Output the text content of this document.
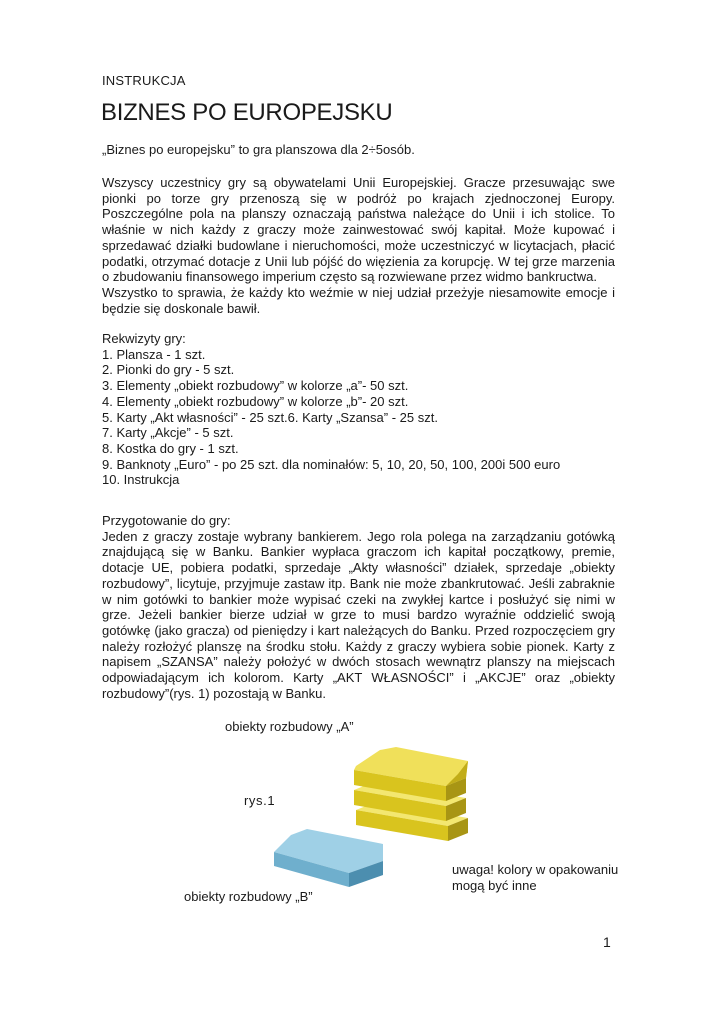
INSTRUKCJA
BIZNES PO EUROPEJSKU
„Biznes po europejsku” to gra planszowa dla 2÷5osób.

Wszyscy uczestnicy gry są obywatelami Unii Europejskiej. Gracze przesuwając swe pionki po torze gry przenoszą się w podróż po krajach zjednoczonej Europy. Poszczególne pola na planszy oznaczają państwa należące do Unii i ich stolice. To właśnie w nich każdy z graczy może zainwestować swój kapitał. Może kupować i sprzedawać działki budowlane i nieruchomości, może uczestniczyć w licytacjach, płacić podatki, otrzymać dotacje z Unii lub pójść do więzienia za korupcję. W tej grze marzenia o zbudowaniu finansowego imperium często są rozwiewane przez widmo bankructwa.

Wszystko to sprawia, że każdy kto weźmie w niej udział przeżyje niesamowite emocje i będzie się doskonale bawił.

Rekwizyty gry:
1. Plansza - 1 szt.
2. Pionki do gry - 5 szt.
3. Elementy „obiekt rozbudowy” w kolorze „a”- 50 szt.
4. Elementy „obiekt rozbudowy” w kolorze „b”- 20 szt.
5. Karty „Akt własności” - 25 szt.6. Karty „Szansa” - 25 szt.
7. Karty „Akcje” - 5 szt.
8. Kostka do gry - 1 szt.
9. Banknoty „Euro” - po 25 szt. dla nominałów: 5, 10, 20, 50, 100, 200i 500 euro
10. Instrukcja

Przygotowanie do gry:

Jeden z graczy zostaje wybrany bankierem. Jego rola polega na zarządzaniu gotówką znajdującą się w Banku. Bankier wypłaca graczom ich kapitał początkowy, premie, dotacje UE, pobiera podatki, sprzedaje „Akty własności” działek, sprzedaje „obiekty rozbudowy”, licytuje, przyjmuje zastaw itp. Bank nie może zbankrutować. Jeśli zabraknie w nim gotówki to bankier może wypisać czeki na zwykłej kartce i posłużyć się nimi w grze. Jeżeli bankier bierze udział w grze to musi bardzo wyraźnie oddzielić swoją gotówkę (jako gracza) od pieniędzy i kart należących do Banku. Przed rozpoczęciem gry należy rozłożyć planszę na środku stołu. Każdy z graczy wybiera sobie pionek. Karty z napisem „SZANSA” należy położyć w dwóch stosach wewnątrz planszy na miejscach odpowiadającym ich kolorom. Karty „AKT WŁASNOŚCI” i „AKCJE” oraz „obiekty rozbudowy”(rys. 1) pozostają w Banku.

obiekty rozbudowy „A”
rys.1
obiekty rozbudowy „B”
uwaga! kolory w opakowaniu
mogą być inne
1
